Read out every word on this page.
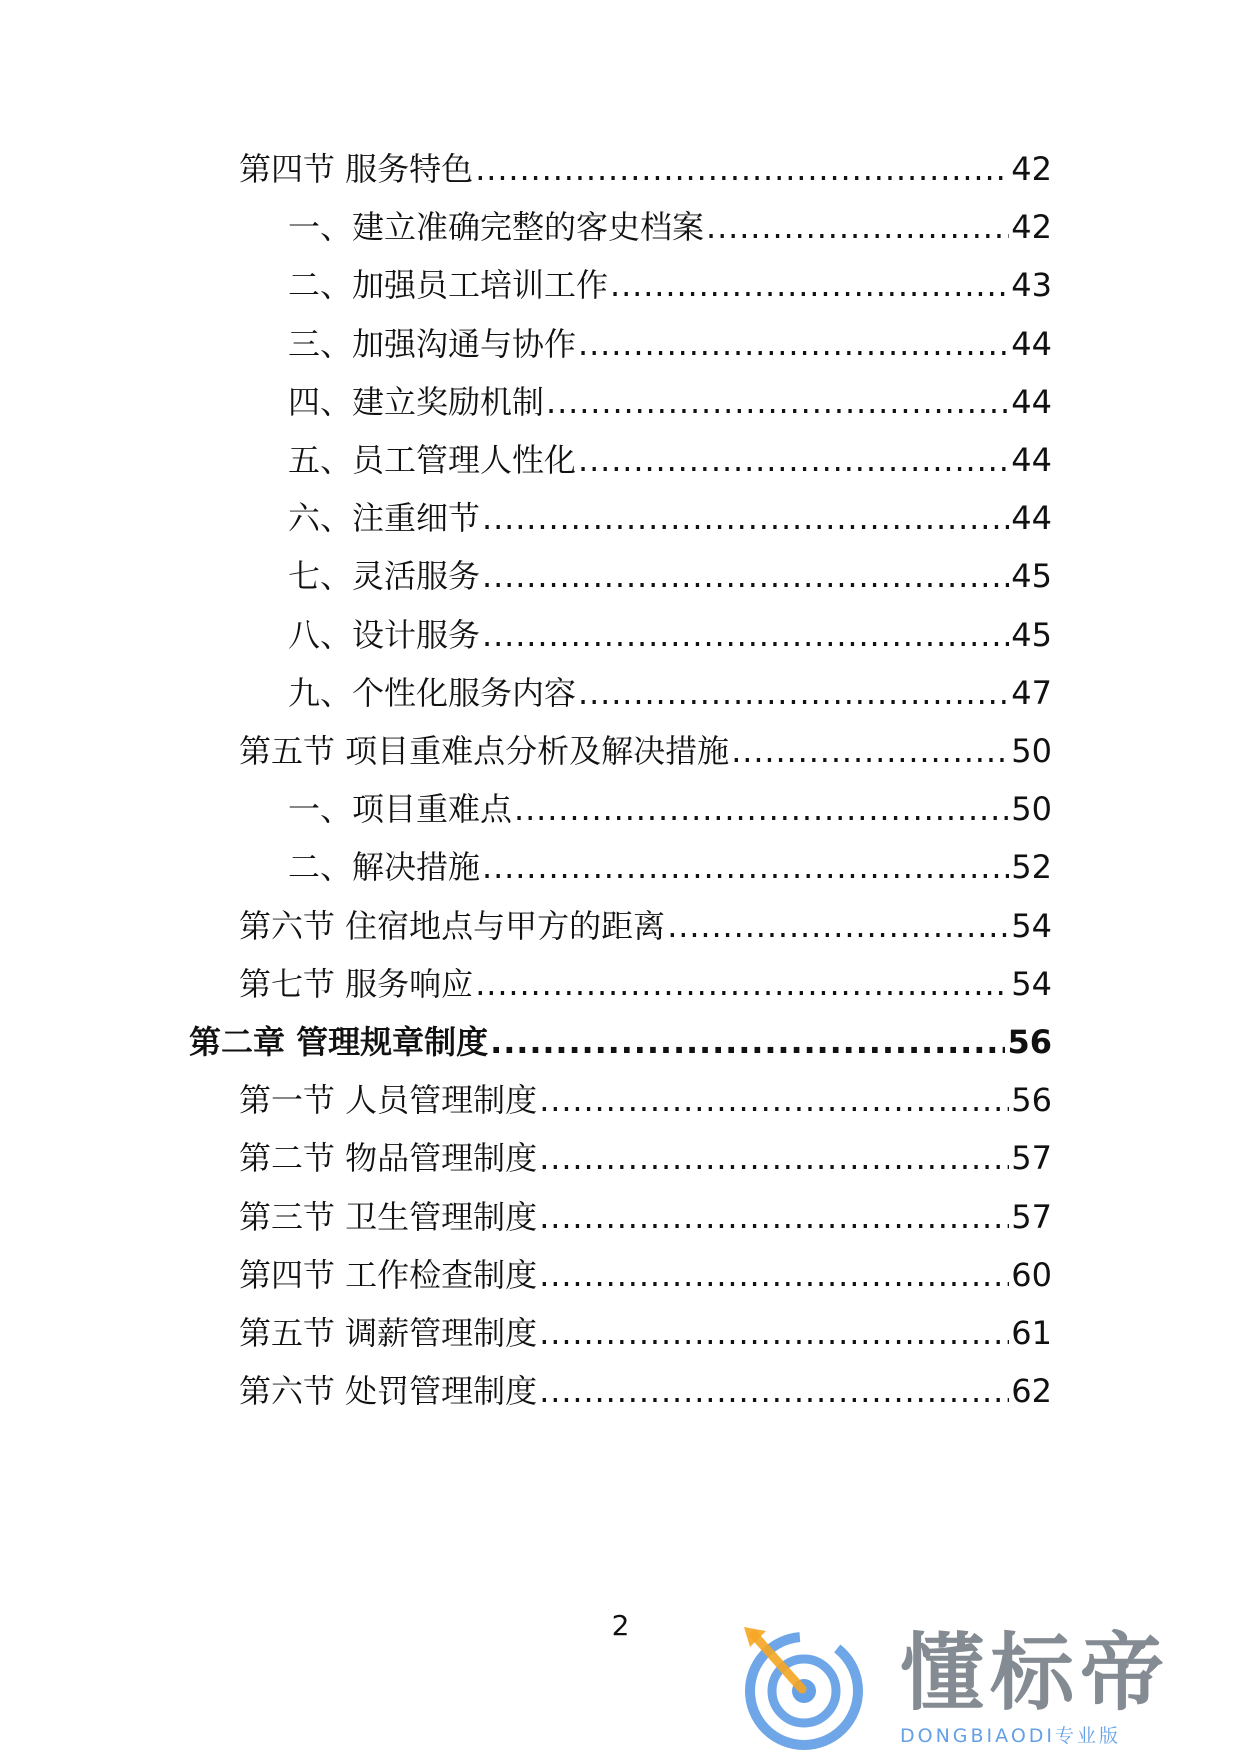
第四节 服务特色 .....	42
一、建立准确完整的客史档案 .....	42
二、加强员工培训工作 .....	43
三、加强沟通与协作 .....	44
四、建立奖励机制 .....	44
五、员工管理人性化 .....	44
六、注重细节 .....	44
七、灵活服务 .....	45
八、设计服务 .....	45
九、个性化服务内容 .....	47
第五节 项目重难点分析及解决措施 .....	50
一、项目重难点 .....	50
二、解决措施 .....	52
第六节 住宿地点与甲方的距离 .....	54
第七节 服务响应 .....	54
第二章 管理规章制度 .....	56
第一节 人员管理制度 .....	56
第二节 物品管理制度 .....	57
第三节 卫生管理制度 .....	57
第四节 工作检查制度 .....	60
第五节 调薪管理制度 .....	61
第六节 处罚管理制度 .....	62
2	懂标帝
DONGBIAODI专业版
